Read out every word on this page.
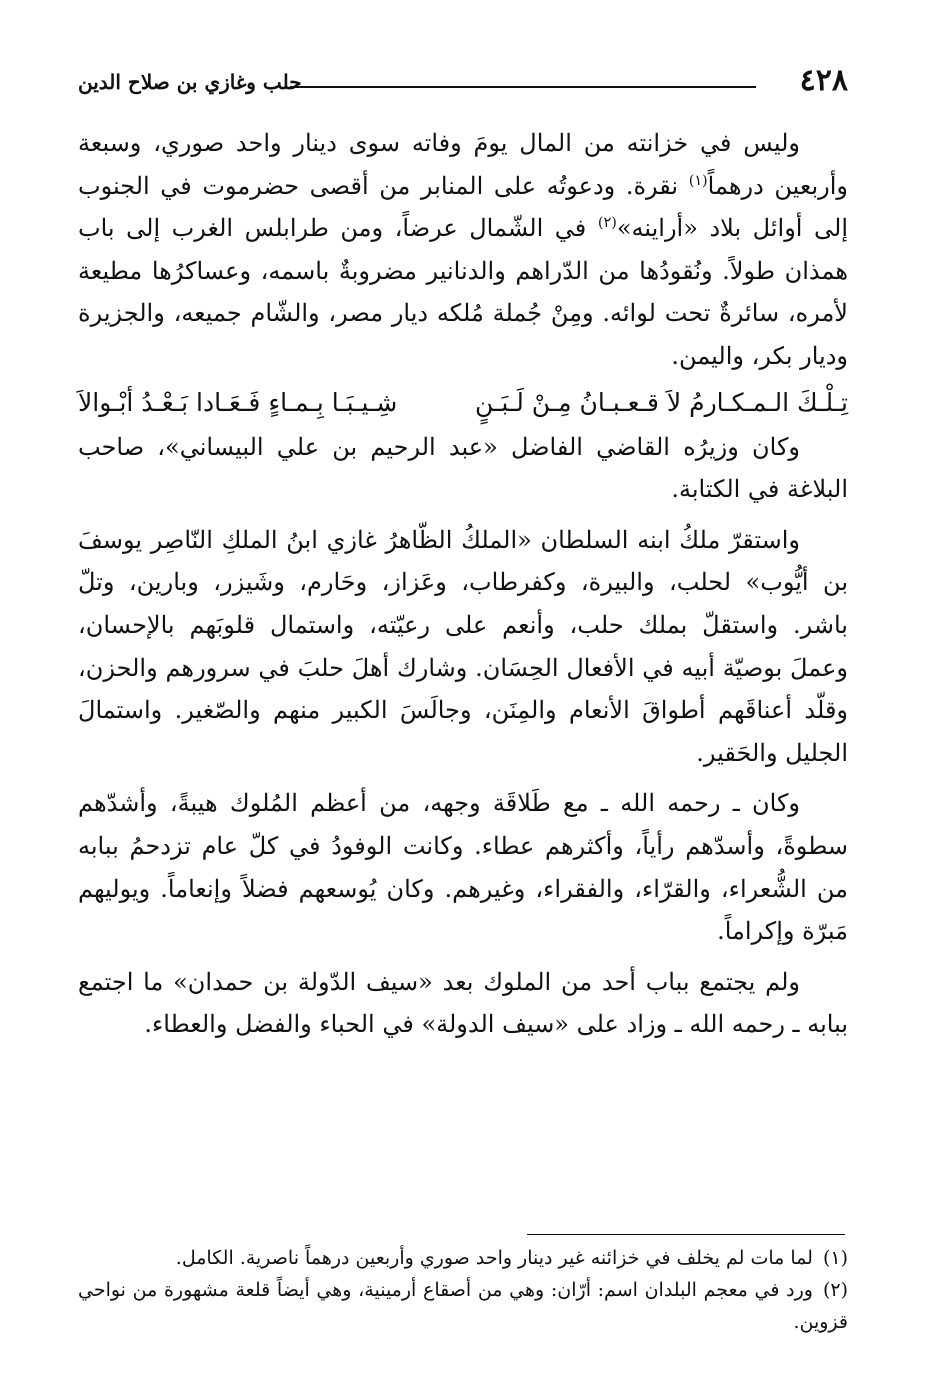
٤٢٨
حلب وغازي بن صلاح الدين

وليس في خزانته من المال يومَ وفاته سوى دينار واحد صوري، وسبعة وأربعين درهماً$^{(١)}$ نقرة. ودعوتُه على المنابر من أقصى حضرموت في الجنوب إلى أوائل بلاد «أراينه»$^{(٢)}$ في الشّمال عرضاً، ومن طرابلس الغرب إلى باب همذان طولاً. ونُقودُها من الدّراهم والدنانير مضروبةٌ باسمه، وعساكرُها مطيعة لأمره، سائرةٌ تحت لوائه. ومِنْ جُملة مُلكه ديار مصر، والشّام جميعه، والجزيرة وديار بكر، واليمن.

تِـلْـكَ الـمـكـارمُ لاَ قـعـبـانُ مِـنْ لَـبَـنٍ
شِـيـبَـا بِـمـاءٍ فَـعَـادا بَـعْـدُ أبْـوالاَ

وكان وزيرُه القاضي الفاضل «عبد الرحيم بن علي البيساني»، صاحب البلاغة في الكتابة.

واستقرّ ملكُ ابنه السلطان «الملكُ الظّاهرُ غازي ابنُ الملكِ النّاصِر يوسفَ بن أيُّوب» لحلب، والبيرة، وكفرطاب، وعَزاز، وحَارم، وشَيزر، وبارين، وتلّ باشر. واستقلّ بملك حلب، وأنعم على رعيّته، واستمال قلوبَهم بالإحسان، وعملَ بوصيّة أبيه في الأفعال الحِسَان. وشارك أهلَ حلبَ في سرورهم والحزن، وقلّد أعناقَهم أطواقَ الأنعام والمِنَن، وجالَسَ الكبير منهم والصّغير. واستمالَ الجليل والحَقير.

وكان ـ رحمه الله ـ مع طَلاقَة وجهه، من أعظم المُلوك هيبةً، وأشدّهم سطوةً، وأسدّهم رأياً، وأكثرهم عطاء. وكانت الوفودُ في كلّ عام تزدحمُ ببابه من الشُّعراء، والقرّاء، والفقراء، وغيرهم. وكان يُوسعهم فضلاً وإنعاماً. ويوليهم مَبرّة وإكراماً.

ولم يجتمع بباب أحد من الملوك بعد «سيف الدّولة بن حمدان» ما اجتمع ببابه ـ رحمه الله ـ وزاد على «سيف الدولة» في الحباء والفضل والعطاء.

(١)لما مات لم يخلف في خزائنه غير دينار واحد صوري وأربعين درهماً ناصرية. الكامل.

(٢)ورد في معجم البلدان اسم: أرّان: وهي من أصقاع أرمينية، وهي أيضاً قلعة مشهورة من نواحي قزوين.
